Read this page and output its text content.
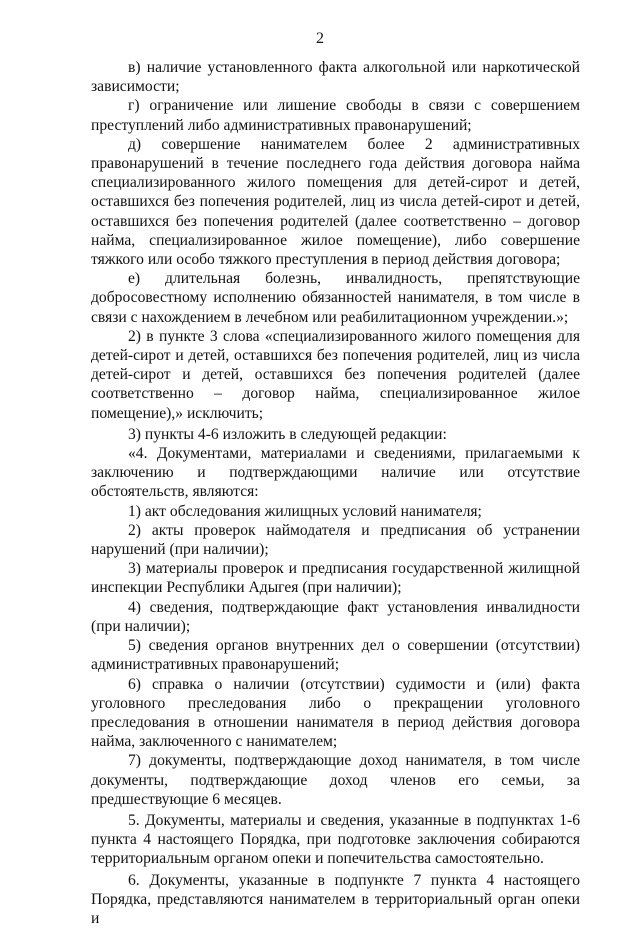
2

в) наличие установленного факта алкогольной или наркотической зависимости;

г) ограничение или лишение свободы в связи с совершением преступлений либо административных правонарушений;

д) совершение нанимателем более 2 административных правонарушений в течение последнего года действия договора найма специализированного жилого помещения для детей-сирот и детей, оставшихся без попечения родителей, лиц из числа детей-сирот и детей, оставшихся без попечения родителей (далее соответственно – договор найма, специализированное жилое помещение), либо совершение тяжкого или особо тяжкого преступления в период действия договора;

е) длительная болезнь, инвалидность, препятствующие добросовестному исполнению обязанностей нанимателя, в том числе в связи с нахождением в лечебном или реабилитационном учреждении.»;

2) в пункте 3 слова «специализированного жилого помещения для детей-сирот и детей, оставшихся без попечения родителей, лиц из числа детей-сирот и детей, оставшихся без попечения родителей (далее соответственно – договор найма, специализированное жилое помещение),» исключить;

3) пункты 4-6 изложить в следующей редакции:

«4. Документами, материалами и сведениями, прилагаемыми к заключению и подтверждающими наличие или отсутствие обстоятельств, являются:

1) акт обследования жилищных условий нанимателя;

2) акты проверок наймодателя и предписания об устранении нарушений (при наличии);

3) материалы проверок и предписания государственной жилищной инспекции Республики Адыгея (при наличии);

4) сведения, подтверждающие факт установления инвалидности (при наличии);

5) сведения органов внутренних дел о совершении (отсутствии) административных правонарушений;

6) справка о наличии (отсутствии) судимости и (или) факта уголовного преследования либо о прекращении уголовного преследования в отношении нанимателя в период действия договора найма, заключенного с нанимателем;

7) документы, подтверждающие доход нанимателя, в том числе документы, подтверждающие доход членов его семьи, за предшествующие 6 месяцев.

5. Документы, материалы и сведения, указанные в подпунктах 1-6 пункта 4 настоящего Порядка, при подготовке заключения собираются территориальным органом опеки и попечительства самостоятельно.

6. Документы, указанные в подпункте 7 пункта 4 настоящего Порядка, представляются нанимателем в территориальный орган опеки и
